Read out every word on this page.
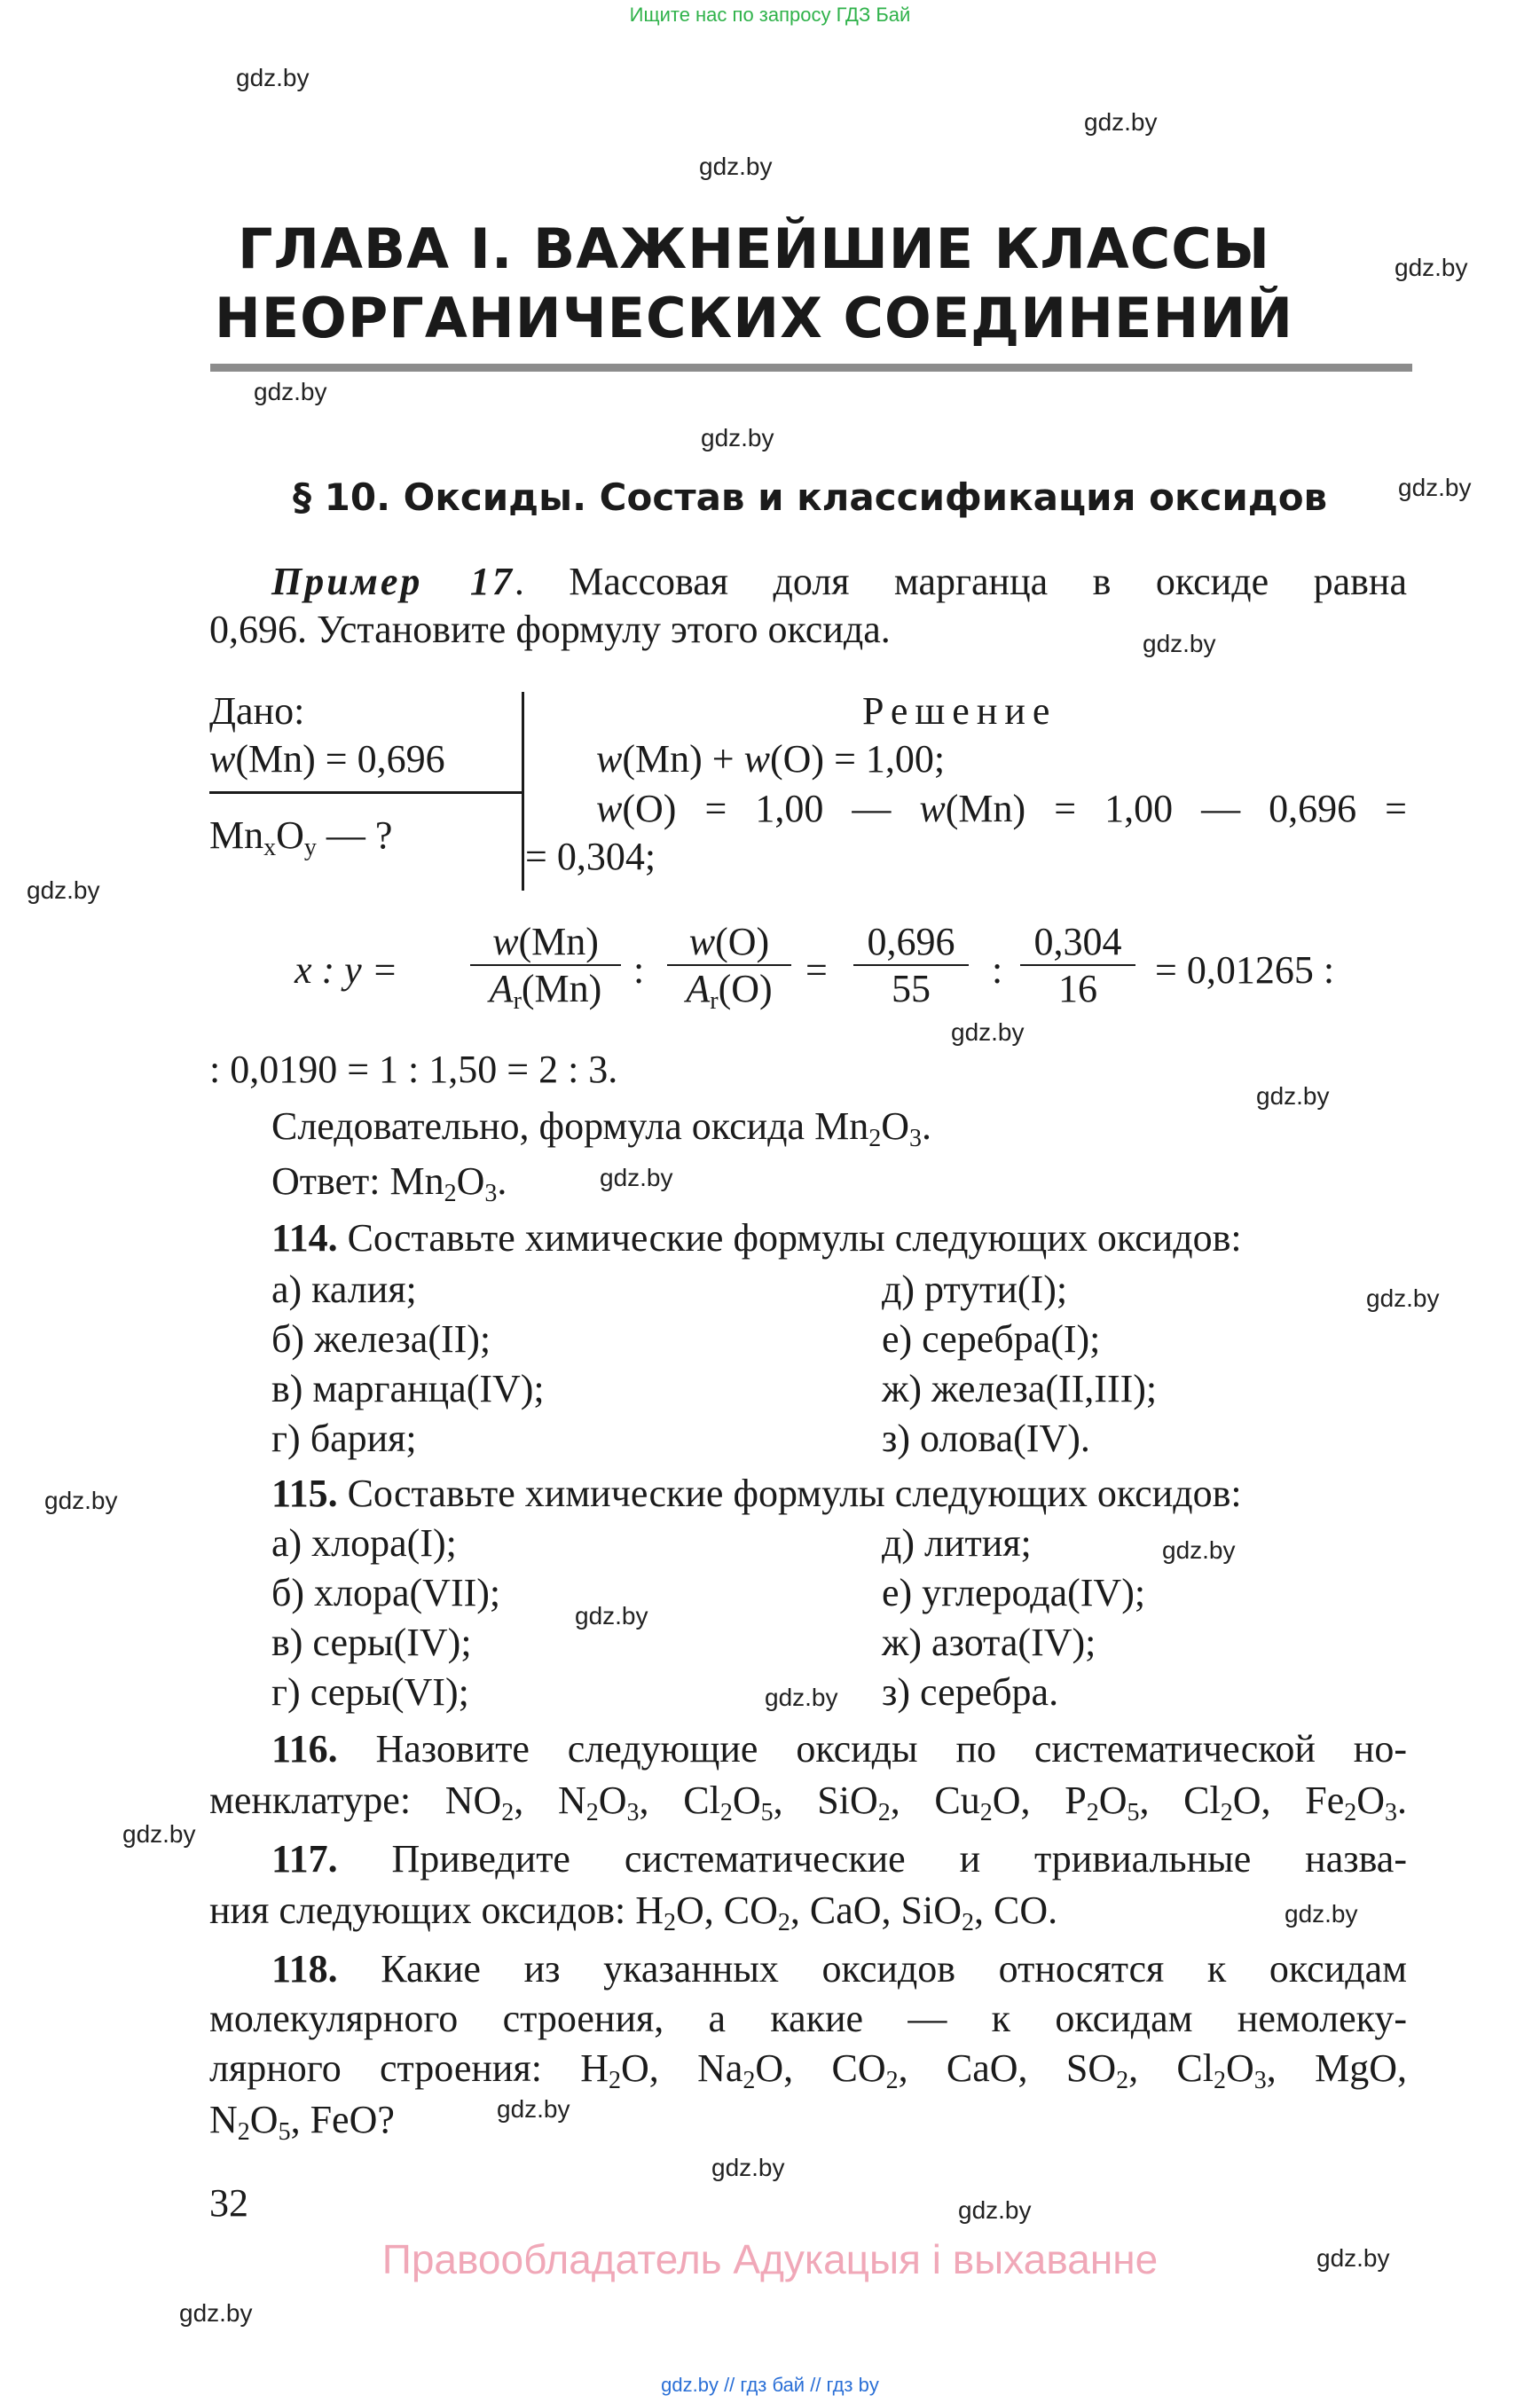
Ищите нас по запросу ГДЗ Бай
gdz.by
gdz.by
gdz.by
gdz.by
gdz.by
gdz.by
gdz.by
gdz.by
gdz.by
gdz.by
gdz.by
gdz.by
gdz.by
gdz.by
gdz.by
gdz.by
gdz.by
gdz.by
gdz.by
gdz.by
gdz.by
gdz.by
gdz.by
gdz.by
ГЛАВА I. ВАЖНЕЙШИЕ КЛАССЫ
НЕОРГАНИЧЕСКИХ СОЕДИНЕНИЙ
§ 10. Оксиды. Состав и классификация оксидов
Пример 17. Массовая доля марганца в оксиде равна
0,696. Установите формулу этого оксида.
Дано:
w(Mn) = 0,696
$Mn_xO_y$ — ?
Решение
w(Mn) + w(O) = 1,00;
w(O) = 1,00 — w(Mn) = 1,00 — 0,696 =
= 0,304;
x : $y = \frac{w(Mn)}{A_r(Mn)}$ : $\frac{w(O)}{A_r(O)} = \frac{0,696}{55}$ : $\frac{0,304}{16} = 0,01265$ :
: 0,0190 = 1 : 1,50 = 2 : 3.
Следовательно, формула оксида $Mn_2O_3$.
Ответ: $Mn_2O_3$.
114. Составьте химические формулы следующих оксидов:
а) калия;
б) железа(II);
в) марганца(IV);
г) бария;
д) ртути(I);
е) серебра(I);
ж) железа(II,III);
з) олова(IV).
115. Составьте химические формулы следующих оксидов:
а) хлора(I);
б) хлора(VII);
в) серы(IV);
г) серы(VI);
д) лития;
е) углерода(IV);
ж) азота(IV);
з) серебра.
116. Назовите следующие оксиды по систематической но-
менклатуре: $NO_2$, $N_2O_3$, $Cl_2O_5$, SiO$_2$, $Cu_2O$, $P_2O_5$, $Cl_2O$, $Fe_2O_3$.
117. Приведите систематические и тривиальные назва-
ния следующих оксидов: $H_2O$, $CO_2$, CaO, SiO$_2$, CO.
118. Какие из указанных оксидов относятся к оксидам
молекулярного строения, а какие — к оксидам немолеку-
лярного строения: $H_2O$, $Na_2O$, $CO_2$, CaO, $SO_2$, $Cl_2O_3$, MgO,
$N_2O_5$, FeO?
32
Правообладатель Адукацыя і выхаванне
gdz.by // гдз бай // гдз by
